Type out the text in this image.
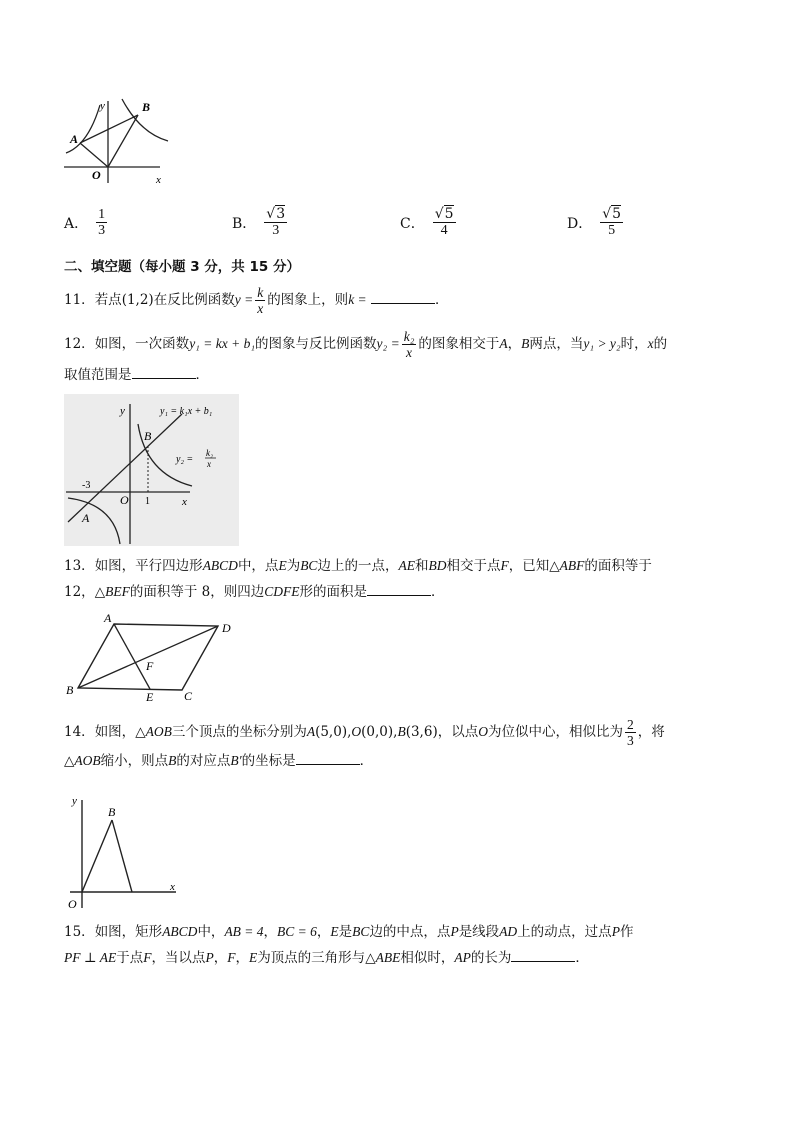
y
x
A
B
O
A． $\frac{1}{3}$	B． $\frac{√3}{3}$	C． $\frac{√5}{4}$	D． $\frac{√5}{5}$
二、填空题（每小题 3 分，共 15 分）
11．若点(1,2)在反比例函数$y = \frac{k}{x}$ 的图象上，则k =	．
12．如图，一次函数y₁ = kx + b₁的图象与反比例函数$y_2 = \frac{\text{k₂}}{x}$ 的图象相交于A，B两点，当y₁ > y₂时，x的
取值范围是	．
y
x
y₁ = k₁x + b₁
y₂ =
k₂
x
B
A
O
-3
1
13．如图，平行四边形ABCD中，点E为BC边上的一点，AE和BD相交于点F，已知△ABF的面积等于
12，△BEF的面积等于 8，则四边CDFE形的面积是	．
A
B	C
D
E
F
14．如图，△AOB三个顶点的坐标分别为A(5,0),O(0,0),B(3,6)，以点O为位似中心，相似比为 $\frac{2}{3}$ ，将
△AOB缩小，则点B的对应点B′的坐标是	．
y
x
B
O
15．如图，矩形ABCD中，AB = 4，BC = 6，E是BC边的中点，点P是线段AD上的动点，过点P作
PF ⊥ AE于点F，当以点P，F，E为顶点的三角形与△ABE相似时，AP的长为	．
